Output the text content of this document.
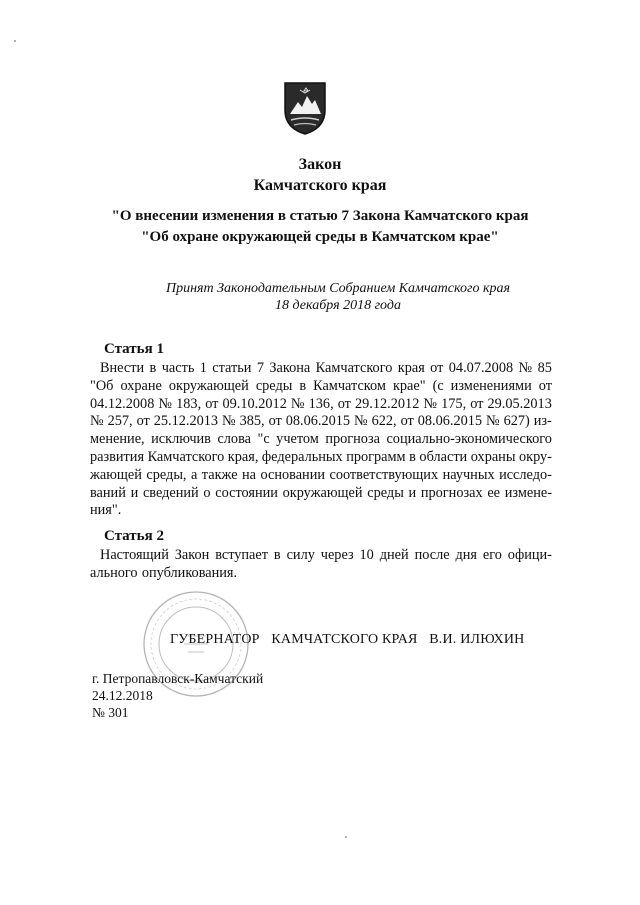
Закон
Камчатского края
"О внесении изменения в статью 7 Закона Камчатского края
"Об охране окружающей среды в Камчатском крае"
Принят Законодательным Собранием Камчатского края
18 декабря 2018 года
Статья 1
Внести в часть 1 статьи 7 Закона Камчатского края от 04.07.2008 № 85
"Об охране окружающей среды в Камчатском крае" (с изменениями от
04.12.2008 № 183, от 09.10.2012 № 136, от 29.12.2012 № 175, от 29.05.2013
№ 257, от 25.12.2013 № 385, от 08.06.2015 № 622, от 08.06.2015 № 627) из-
менение, исключив слова "с учетом прогноза социально-экономического
развития Камчатского края, федеральных программ в области охраны окру-
жающей среды, а также на основании соответствующих научных исследо-
ваний и сведений о состоянии окружающей среды и прогнозах ее измене-
ния".
Статья 2
Настоящий Закон вступает в силу через 10 дней после дня его офици-
ального опубликования.
ГУБЕРНАТОР КАМЧАТСКОГО КРАЯ В.И. ИЛЮХИН
г. Петропавловск-Камчатский
24.12.2018
№ 301
